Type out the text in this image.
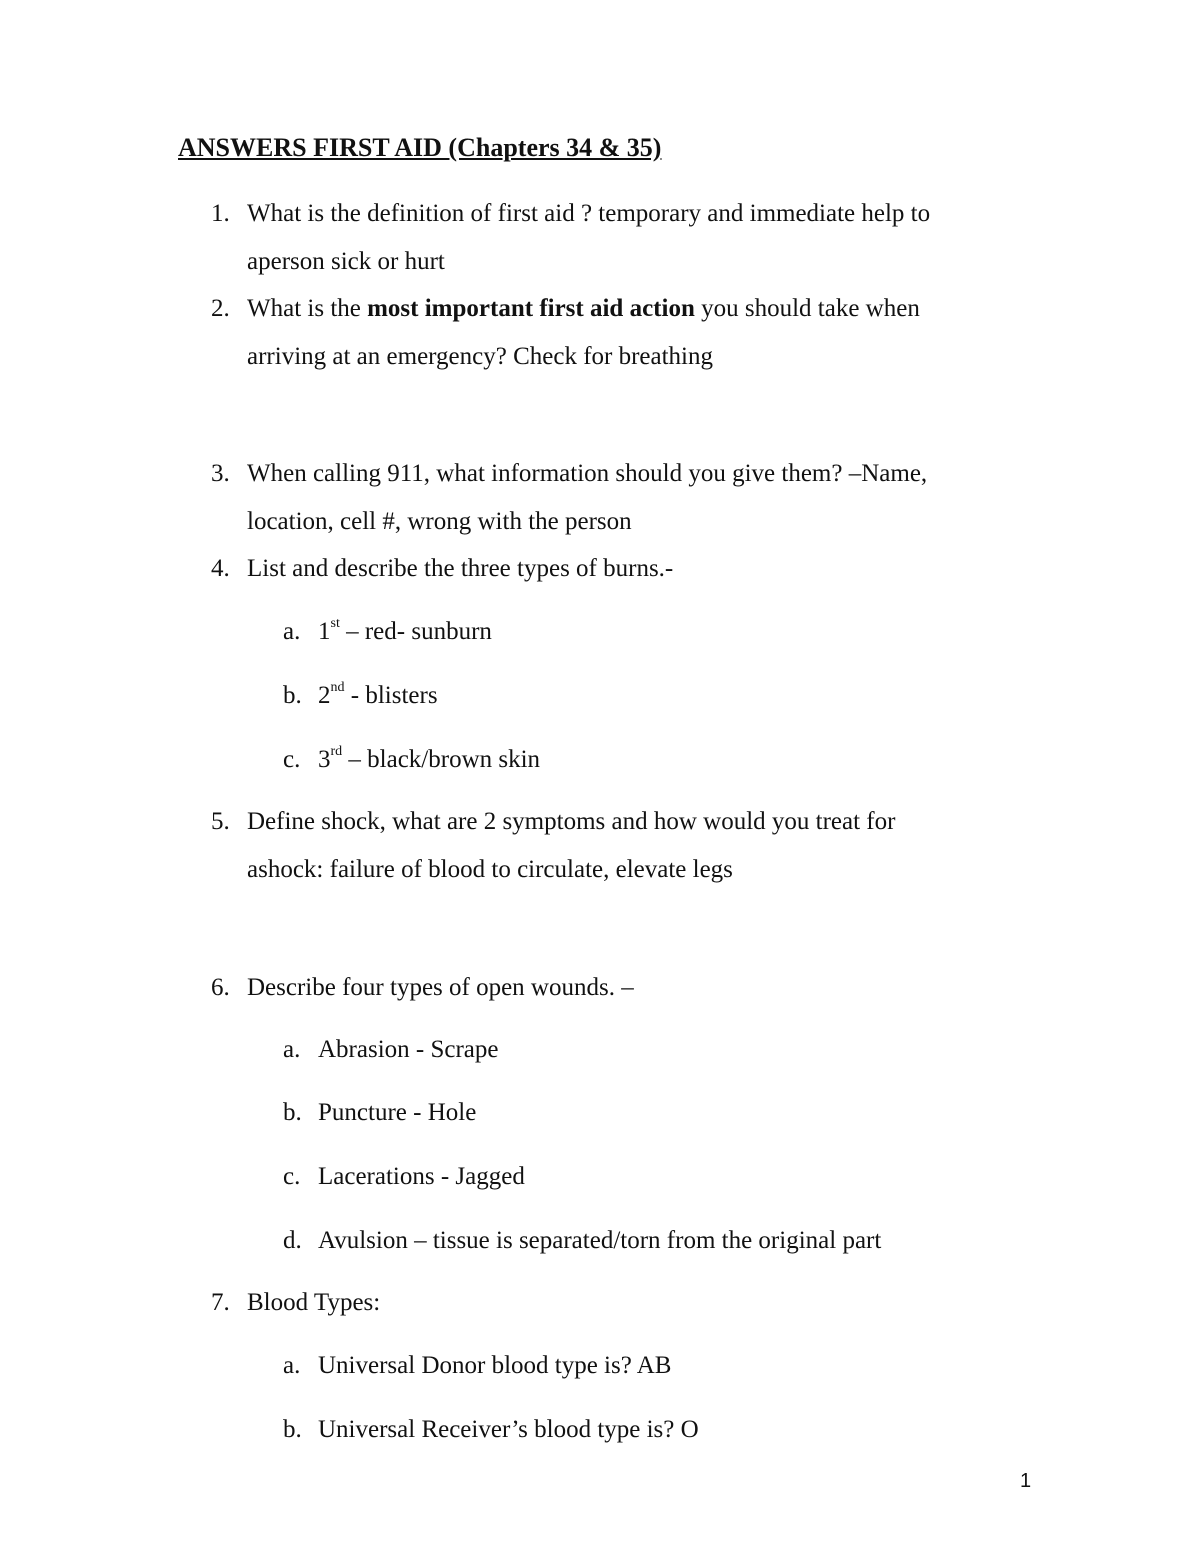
ANSWERS FIRST AID (Chapters 34 & 35)
1. What is the definition of first aid ? temporary and immediate help to
aperson sick or hurt
2. What is the most important first aid action you should take when
arriving at an emergency? Check for breathing
3. When calling 911, what information should you give them? –Name,
location, cell #, wrong with the person
4. List and describe the three types of burns.-
a. 1st – red- sunburn
b. 2nd - blisters
c. 3rd – black/brown skin
5. Define shock, what are 2 symptoms and how would you treat for
ashock: failure of blood to circulate, elevate legs
6. Describe four types of open wounds. –
a. Abrasion - Scrape
b. Puncture - Hole
c. Lacerations - Jagged
d. Avulsion – tissue is separated/torn from the original part
7. Blood Types:
a. Universal Donor blood type is? AB
b. Universal Receiver’s blood type is? O
1
